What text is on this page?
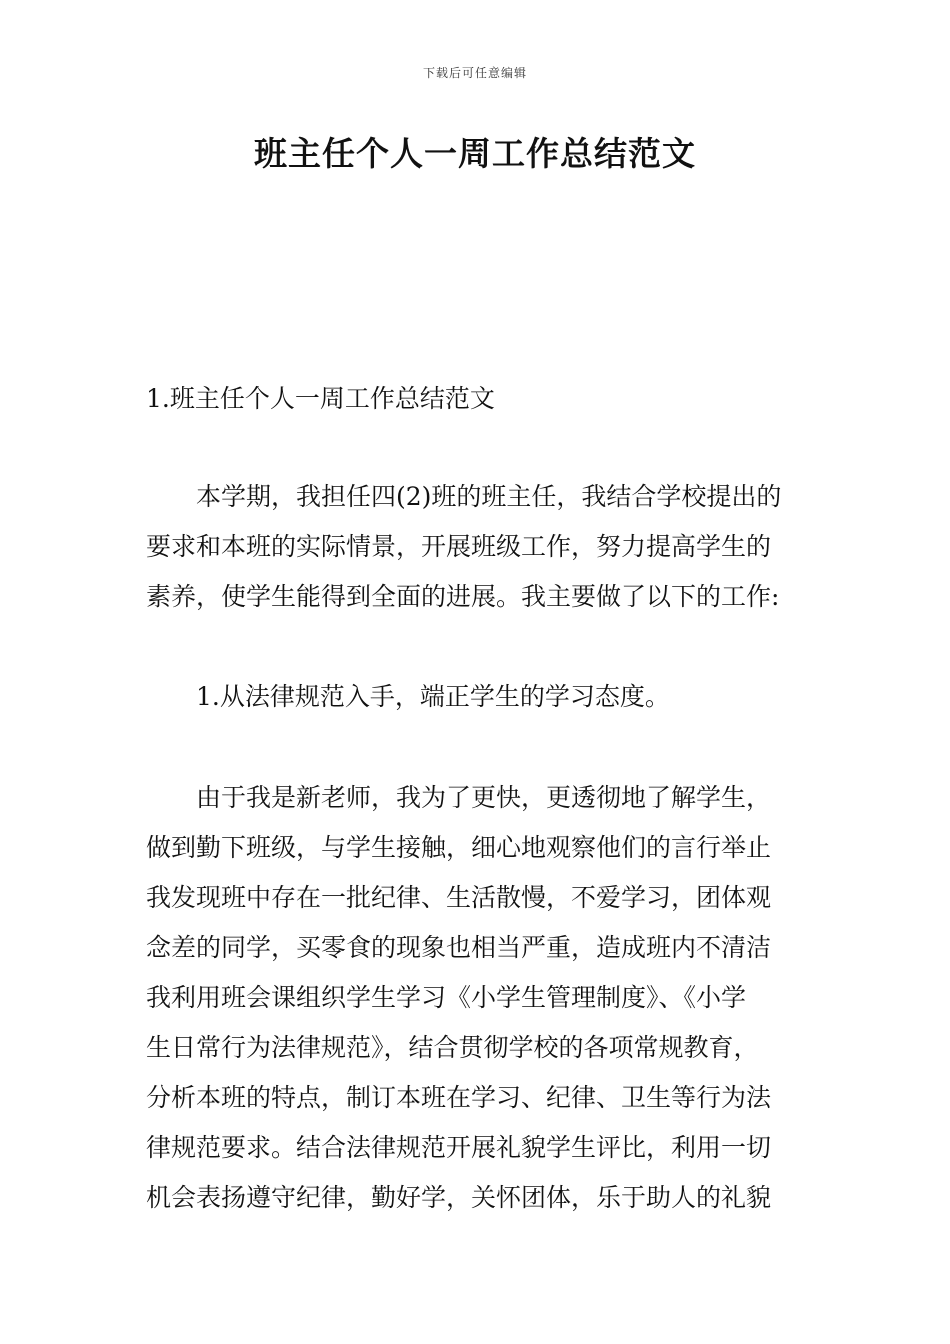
下载后可任意编辑
班主任个人一周工作总结范文

1.班主任个人一周工作总结范文

　　本学期，我担任四(2)班的班主任，我结合学校提出的
要求和本班的实际情景，开展班级工作，努力提高学生的
素养，使学生能得到全面的进展。我主要做了以下的工作:
　　1.从法律规范入手，端正学生的学习态度。
　　由于我是新老师，我为了更快，更透彻地了解学生，
做到勤下班级，与学生接触，细心地观察他们的言行举止
我发现班中存在一批纪律、生活散慢，不爱学习，团体观
念差的同学，买零食的现象也相当严重，造成班内不清洁
我利用班会课组织学生学习《小学生管理制度》、《小学
生日常行为法律规范》，结合贯彻学校的各项常规教育，
分析本班的特点，制订本班在学习、纪律、卫生等行为法
律规范要求。结合法律规范开展礼貌学生评比，利用一切
机会表扬遵守纪律，勤好学，关怀团体，乐于助人的礼貌
